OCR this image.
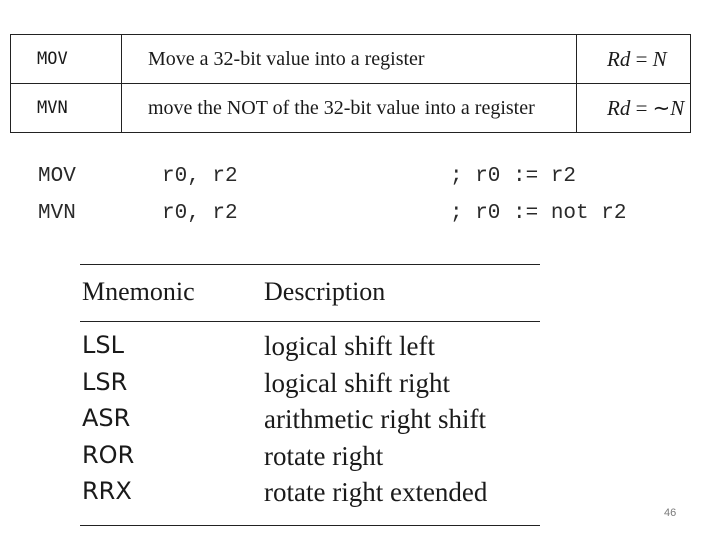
MOV	Move a 32-bit value into a register	Rd = N
MVN	move the NOT of the 32-bit value into a register	Rd = ∼N
MOV	r0, r2	; r0 := r2
MVN	r0, r2	; r0 := not r2
Mnemonic	Description
LSL	logical shift left
LSR	logical shift right
ASR	arithmetic right shift
ROR	rotate right
RRX	rotate right extended
46
